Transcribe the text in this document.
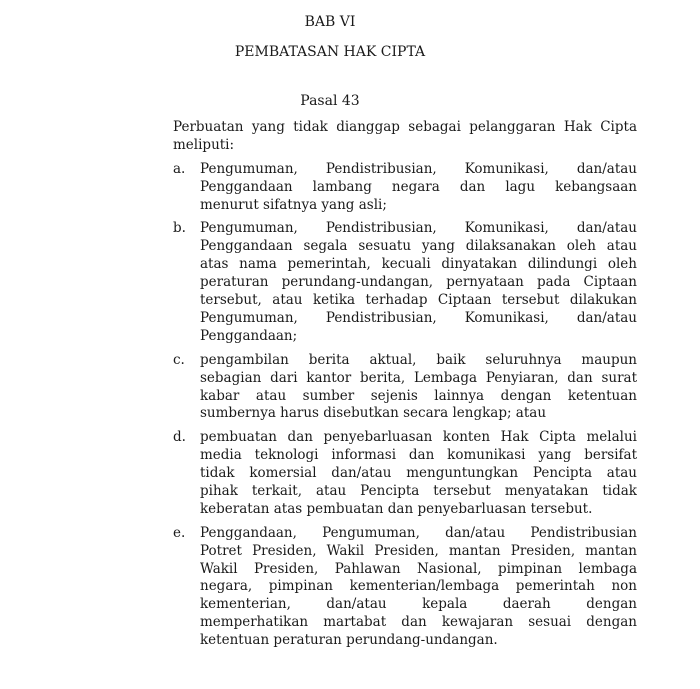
BAB VI
PEMBATASAN HAK CIPTA
Pasal 43
Perbuatan yang tidak dianggap sebagai pelanggaran Hak Cipta
meliputi:
a. Pengumuman, Pendistribusian, Komunikasi, dan/atau
Penggandaan lambang negara dan lagu kebangsaan
menurut sifatnya yang asli;
b. Pengumuman, Pendistribusian, Komunikasi, dan/atau
Penggandaan segala sesuatu yang dilaksanakan oleh atau
atas nama pemerintah, kecuali dinyatakan dilindungi oleh
peraturan perundang-undangan, pernyataan pada Ciptaan
tersebut, atau ketika terhadap Ciptaan tersebut dilakukan
Pengumuman, Pendistribusian, Komunikasi, dan/atau
Penggandaan;
c. pengambilan berita aktual, baik seluruhnya maupun
sebagian dari kantor berita, Lembaga Penyiaran, dan surat
kabar atau sumber sejenis lainnya dengan ketentuan
sumbernya harus disebutkan secara lengkap; atau
d. pembuatan dan penyebarluasan konten Hak Cipta melalui
media teknologi informasi dan komunikasi yang bersifat
tidak komersial dan/atau menguntungkan Pencipta atau
pihak terkait, atau Pencipta tersebut menyatakan tidak
keberatan atas pembuatan dan penyebarluasan tersebut.
e. Penggandaan, Pengumuman, dan/atau Pendistribusian
Potret Presiden, Wakil Presiden, mantan Presiden, mantan
Wakil Presiden, Pahlawan Nasional, pimpinan lembaga
negara, pimpinan kementerian/lembaga pemerintah non
kementerian, dan/atau kepala daerah dengan
memperhatikan martabat dan kewajaran sesuai dengan
ketentuan peraturan perundang-undangan.
